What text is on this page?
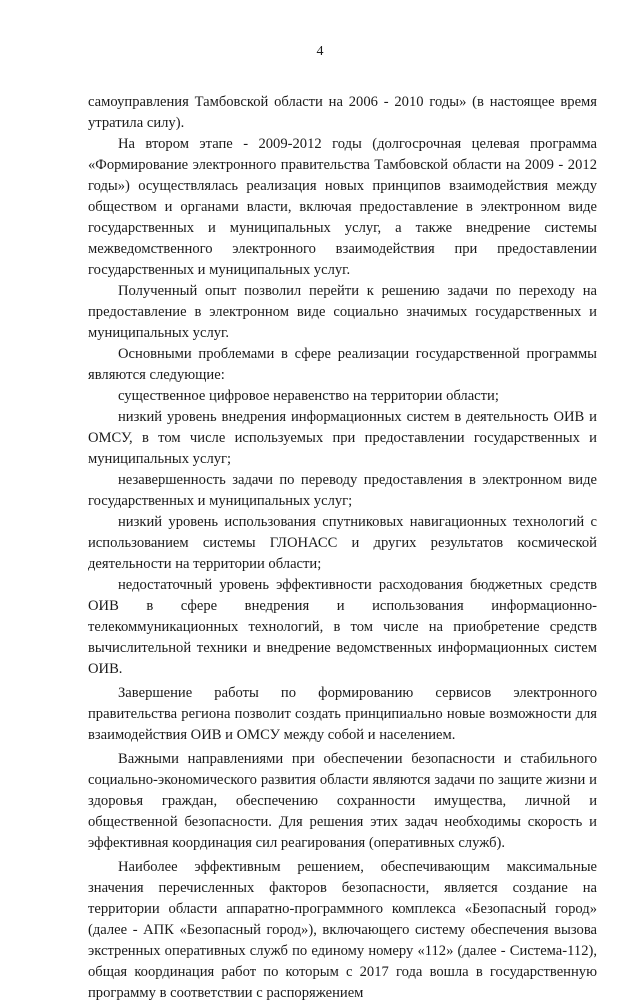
4

самоуправления Тамбовской области на 2006 - 2010 годы» (в настоящее время утратила силу).

На втором этапе - 2009-2012 годы (долгосрочная целевая программа «Формирование электронного правительства Тамбовской области на 2009 - 2012 годы») осуществлялась реализация новых принципов взаимодействия между обществом и органами власти, включая предоставление в электронном виде государственных и муниципальных услуг, а также внедрение системы межведомственного электронного взаимодействия при предоставлении государственных и муниципальных услуг.

Полученный опыт позволил перейти к решению задачи по переходу на предоставление в электронном виде социально значимых государственных и муниципальных услуг.

Основными проблемами в сфере реализации государственной программы являются следующие:

существенное цифровое неравенство на территории области;

низкий уровень внедрения информационных систем в деятельность ОИВ и ОМСУ, в том числе используемых при предоставлении государственных и муниципальных услуг;

незавершенность задачи по переводу предоставления в электронном виде государственных и муниципальных услуг;

низкий уровень использования спутниковых навигационных технологий с использованием системы ГЛОНАСС и других результатов космической деятельности на территории области;

недостаточный уровень эффективности расходования бюджетных средств ОИВ в сфере внедрения и использования информационно-телекоммуникационных технологий, в том числе на приобретение средств вычислительной техники и внедрение ведомственных информационных систем ОИВ.

Завершение работы по формированию сервисов электронного правительства региона позволит создать принципиально новые возможности для взаимодействия ОИВ и ОМСУ между собой и населением.

Важными направлениями при обеспечении безопасности и стабильного социально-экономического развития области являются задачи по защите жизни и здоровья граждан, обеспечению сохранности имущества, личной и общественной безопасности. Для решения этих задач необходимы скорость и эффективная координация сил реагирования (оперативных служб).

Наиболее эффективным решением, обеспечивающим максимальные значения перечисленных факторов безопасности, является создание на территории области аппаратно-программного комплекса «Безопасный город» (далее - АПК «Безопасный город»), включающего систему обеспечения вызова экстренных оперативных служб по единому номеру «112» (далее - Система-112), общая координация работ по которым с 2017 года вошла в государственную программу в соответствии с распоряжением
